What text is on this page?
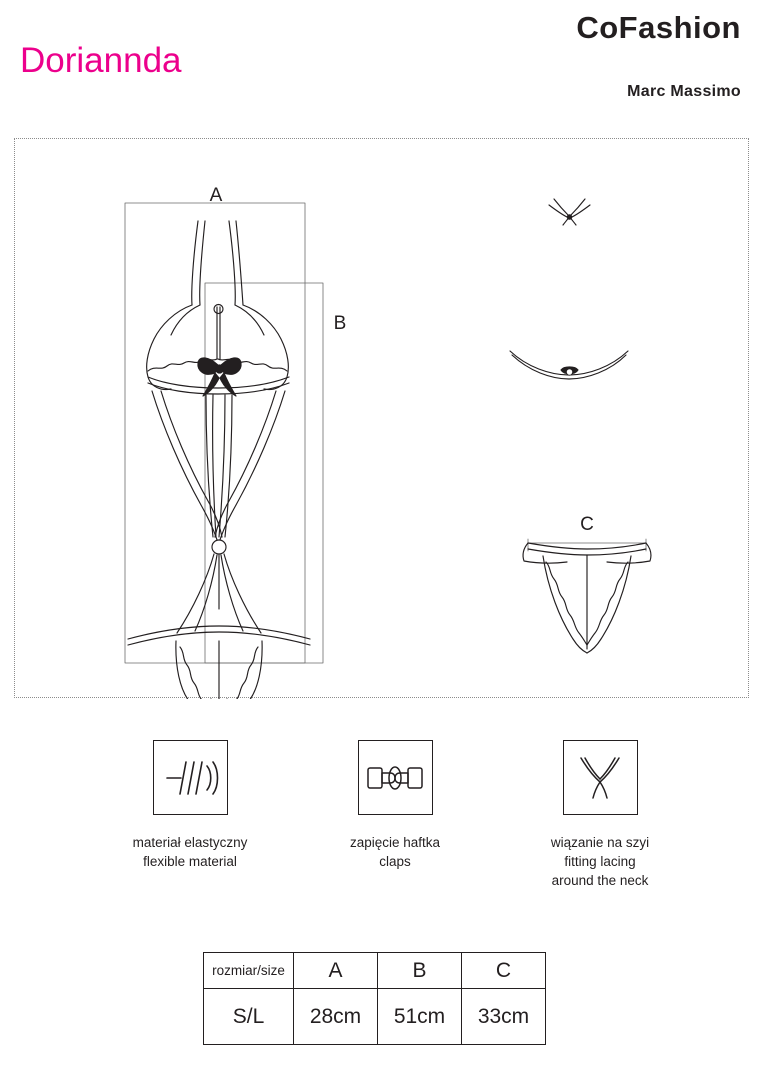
Doriannda
CoFashion
Marc Massimo
A
B
C
materiał elastyczny
flexible material
zapięcie haftka
claps
wiązanie na szyi
fitting lacing
around the neck
rozmiar/size	A	B	C
S/L	28cm	51cm	33cm
